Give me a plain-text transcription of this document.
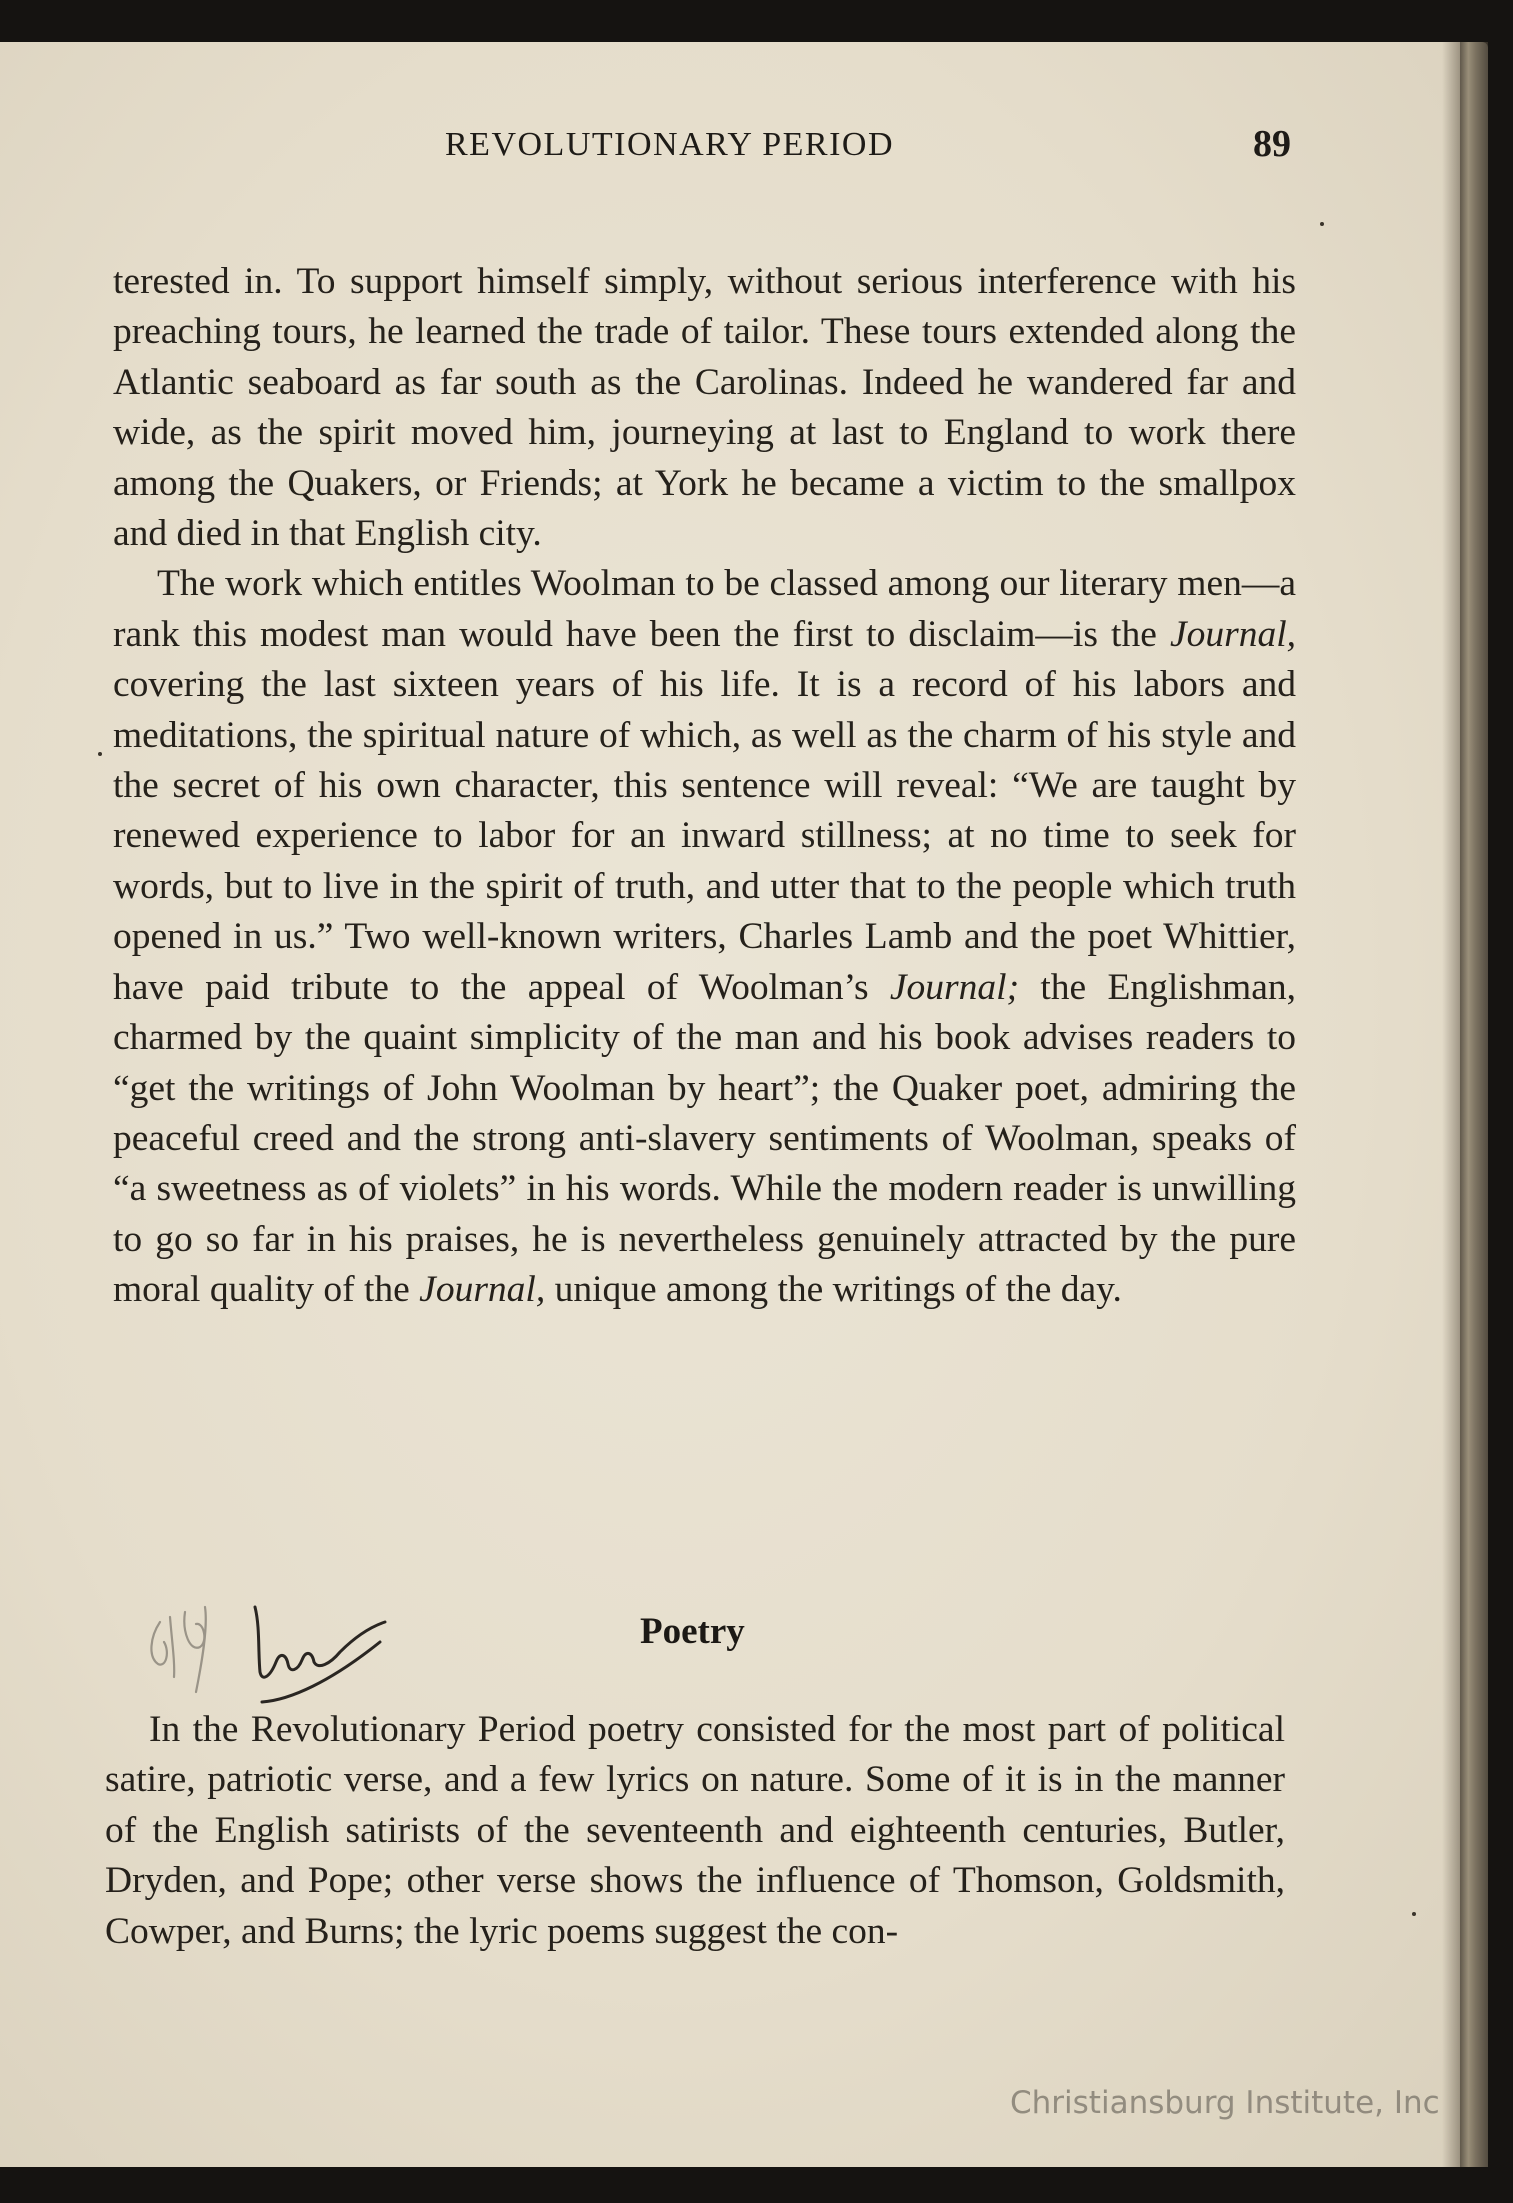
REVOLUTIONARY PERIOD	89

terested in. To support himself simply, without serious interference with his preaching tours, he learned the trade of tailor. These tours extended along the Atlantic seaboard as far south as the Carolinas. Indeed he wandered far and wide, as the spirit moved him, journeying at last to England to work there among the Quakers, or Friends; at York he became a victim to the smallpox and died in that English city.

The work which entitles Woolman to be classed among our literary men—a rank this modest man would have been the first to disclaim—is the Journal, covering the last sixteen years of his life. It is a record of his labors and meditations, the spiritual nature of which, as well as the charm of his style and the secret of his own character, this sentence will reveal: “We are taught by renewed experience to labor for an inward stillness; at no time to seek for words, but to live in the spirit of truth, and utter that to the people which truth opened in us.” Two well-known writers, Charles Lamb and the poet Whittier, have paid tribute to the appeal of Woolman’s Journal; the Englishman, charmed by the quaint simplicity of the man and his book advises readers to “get the writings of John Woolman by heart”; the Quaker poet, admiring the peaceful creed and the strong anti-slavery sentiments of Woolman, speaks of “a sweetness as of violets” in his words. While the modern reader is unwilling to go so far in his praises, he is nevertheless genuinely attracted by the pure moral quality of the Journal, unique among the writings of the day.

Poetry

In the Revolutionary Period poetry consisted for the most part of political satire, patriotic verse, and a few lyrics on nature. Some of it is in the manner of the English satirists of the seventeenth and eighteenth centuries, Butler, Dryden, and Pope; other verse shows the influence of Thomson, Goldsmith, Cowper, and Burns; the lyric poems suggest the con-

Christiansburg Institute, Inc
